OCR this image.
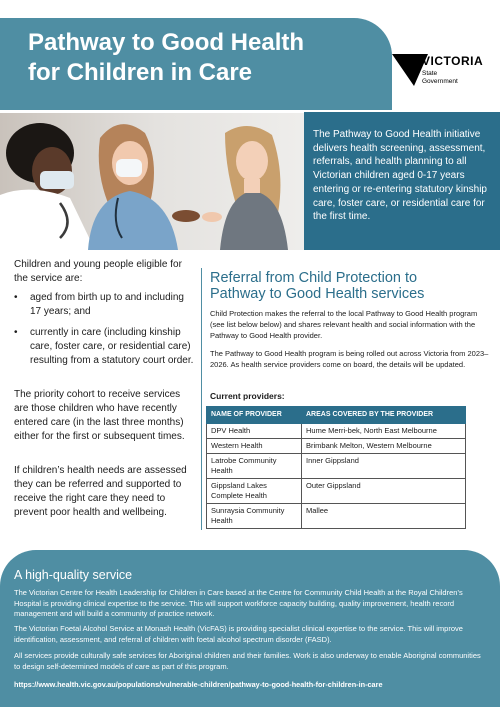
Pathway to Good Health
for Children in Care	VICTORIA
State
Government
The Pathway to Good Health initiative delivers health screening, assessment, referrals, and health planning to all Victorian children aged 0-17 years entering or re-entering statutory kinship care, foster care, or residential care for the first time.
Children and young people eligible for the service are:
• aged from birth up to and including 17 years; and
• currently in care (including kinship care, foster care, or residential care) resulting from a statutory court order.
The priority cohort to receive services are those children who have recently entered care (in the last three months) either for the first or subsequent times.
If children’s health needs are assessed they can be referred and supported to receive the right care they need to prevent poor health and wellbeing.
Referral from Child Protection to
Pathway to Good Health services
Child Protection makes the referral to the local Pathway to Good Health program (see list below below) and shares relevant health and social information with the Pathway to Good Health provider.
The Pathway to Good Health program is being rolled out across Victoria from 2023–2026. As health service providers come on board, the details will be updated.
Current providers:
NAME OF PROVIDER	AREAS COVERED BY THE PROVIDER
DPV Health	Hume Merri-bek, North East Melbourne
Western Health	Brimbank Melton, Western Melbourne
Latrobe Community Health	Inner Gippsland
Gippsland Lakes Complete Health	Outer Gippsland
Sunraysia Community Health	Mallee
A high-quality service
The Victorian Centre for Health Leadership for Children in Care based at the Centre for Community Child Health at the Royal Children’s Hospital is providing clinical expertise to the service. This will support workforce capacity building, quality improvement, health record management and will build a community of practice network.
The Victorian Foetal Alcohol Service at Monash Health (VicFAS) is providing specialist clinical expertise to the service. This will improve identification, assessment, and referral of children with foetal alcohol spectrum disorder (FASD).
All services provide culturally safe services for Aboriginal children and their families. Work is also underway to enable Aboriginal communities to design self-determined models of care as part of this program.
https://www.health.vic.gov.au/populations/vulnerable-children/pathway-to-good-health-for-children-in-care
